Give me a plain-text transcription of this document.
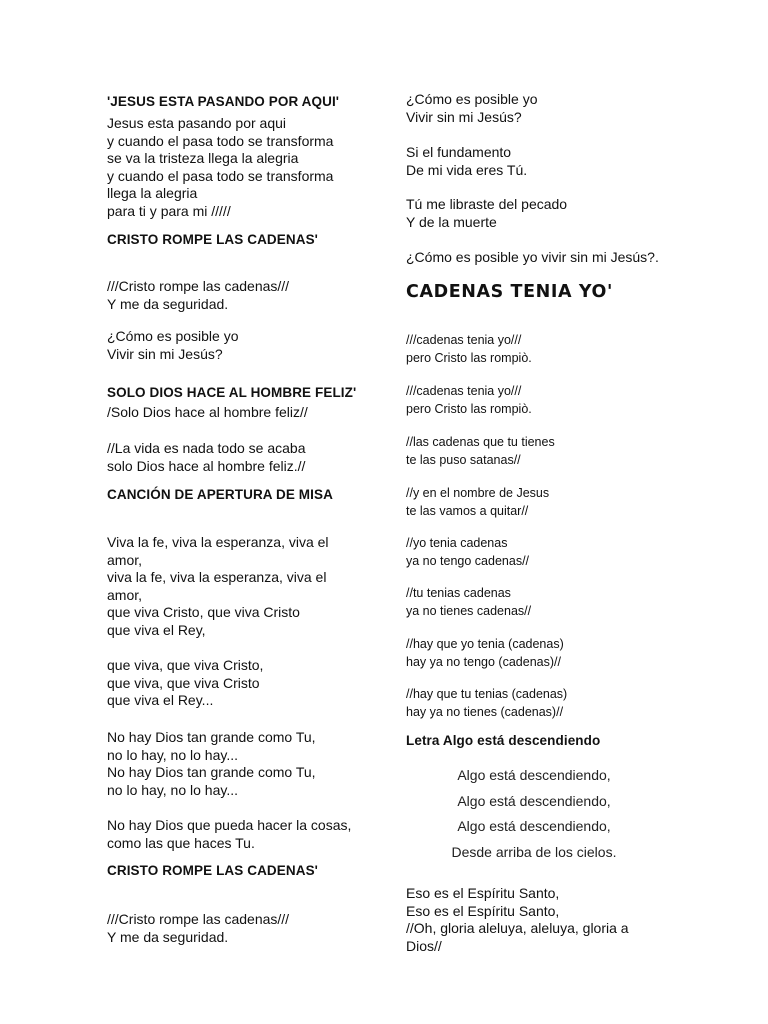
'JESUS ESTA PASANDO POR AQUI'
Jesus esta pasando por aqui
y cuando el pasa todo se transforma
se va la tristeza llega la alegria
y cuando el pasa todo se transforma
llega la alegria
para ti y para mi /////
CRISTO ROMPE LAS CADENAS'
///Cristo rompe las cadenas///
Y me da seguridad.
¿Cómo es posible yo
Vivir sin mi Jesús?
SOLO DIOS HACE AL HOMBRE FELIZ'
/Solo Dios hace al hombre feliz//
//La vida es nada todo se acaba
solo Dios hace al hombre feliz.//
CANCIÓN DE APERTURA DE MISA
Viva la fe, viva la esperanza, viva el
amor,
viva la fe, viva la esperanza, viva el
amor,
que viva Cristo, que viva Cristo
que viva el Rey,
que viva, que viva Cristo,
que viva, que viva Cristo
que viva el Rey...
No hay Dios tan grande como Tu,
no lo hay, no lo hay...
No hay Dios tan grande como Tu,
no lo hay, no lo hay...
No hay Dios que pueda hacer la cosas,
como las que haces Tu.
CRISTO ROMPE LAS CADENAS'
///Cristo rompe las cadenas///
Y me da seguridad.
¿Cómo es posible yo
Vivir sin mi Jesús?
Si el fundamento
De mi vida eres Tú.
Tú me libraste del pecado
Y de la muerte
¿Cómo es posible yo vivir sin mi Jesús?.
CADENAS TENIA YO'
///cadenas tenia yo///
pero Cristo las rompiò.
///cadenas tenia yo///
pero Cristo las rompiò.
//las cadenas que tu tienes
te las puso satanas//
//y en el nombre de Jesus
te las vamos a quitar//
//yo tenia cadenas
ya no tengo cadenas//
//tu tenias cadenas
ya no tienes cadenas//
//hay que yo tenia (cadenas)
hay ya no tengo (cadenas)//
//hay que tu tenias (cadenas)
hay ya no tienes (cadenas)//
Letra Algo está descendiendo
Eso es el Espíritu Santo,
Eso es el Espíritu Santo,
//Oh, gloria aleluya, aleluya, gloria a
Dios//
Algo está descendiendo,
Algo está descendiendo,
Algo está descendiendo,
Desde arriba de los cielos.
